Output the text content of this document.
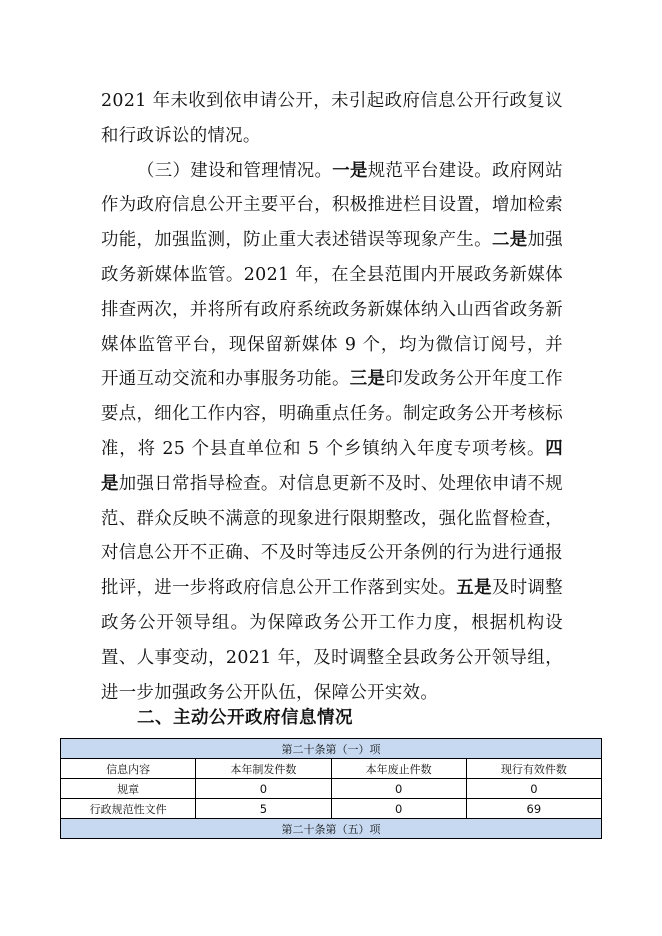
2021 年未收到依申请公开，未引起政府信息公开行政复议和行政诉讼的情况。

（三）建设和管理情况。一是规范平台建设。政府网站作为政府信息公开主要平台，积极推进栏目设置，增加检索功能，加强监测，防止重大表述错误等现象产生。二是加强政务新媒体监管。2021 年，在全县范围内开展政务新媒体排查两次，并将所有政府系统政务新媒体纳入山西省政务新媒体监管平台，现保留新媒体 9 个，均为微信订阅号，并开通互动交流和办事服务功能。三是印发政务公开年度工作要点，细化工作内容，明确重点任务。制定政务公开考核标准，将 25 个县直单位和 5 个乡镇纳入年度专项考核。四是加强日常指导检查。对信息更新不及时、处理依申请不规范、群众反映不满意的现象进行限期整改，强化监督检查，对信息公开不正确、不及时等违反公开条例的行为进行通报批评，进一步将政府信息公开工作落到实处。五是及时调整政务公开领导组。为保障政务公开工作力度，根据机构设置、人事变动，2021 年，及时调整全县政务公开领导组，进一步加强政务公开队伍，保障公开实效。

二、主动公开政府信息情况
第二十条第（一）项			
信息内容	本年制发件数	本年废止件数	现行有效件数
规章	0	0	0
行政规范性文件	5	0	69
第二十条第（五）项			
